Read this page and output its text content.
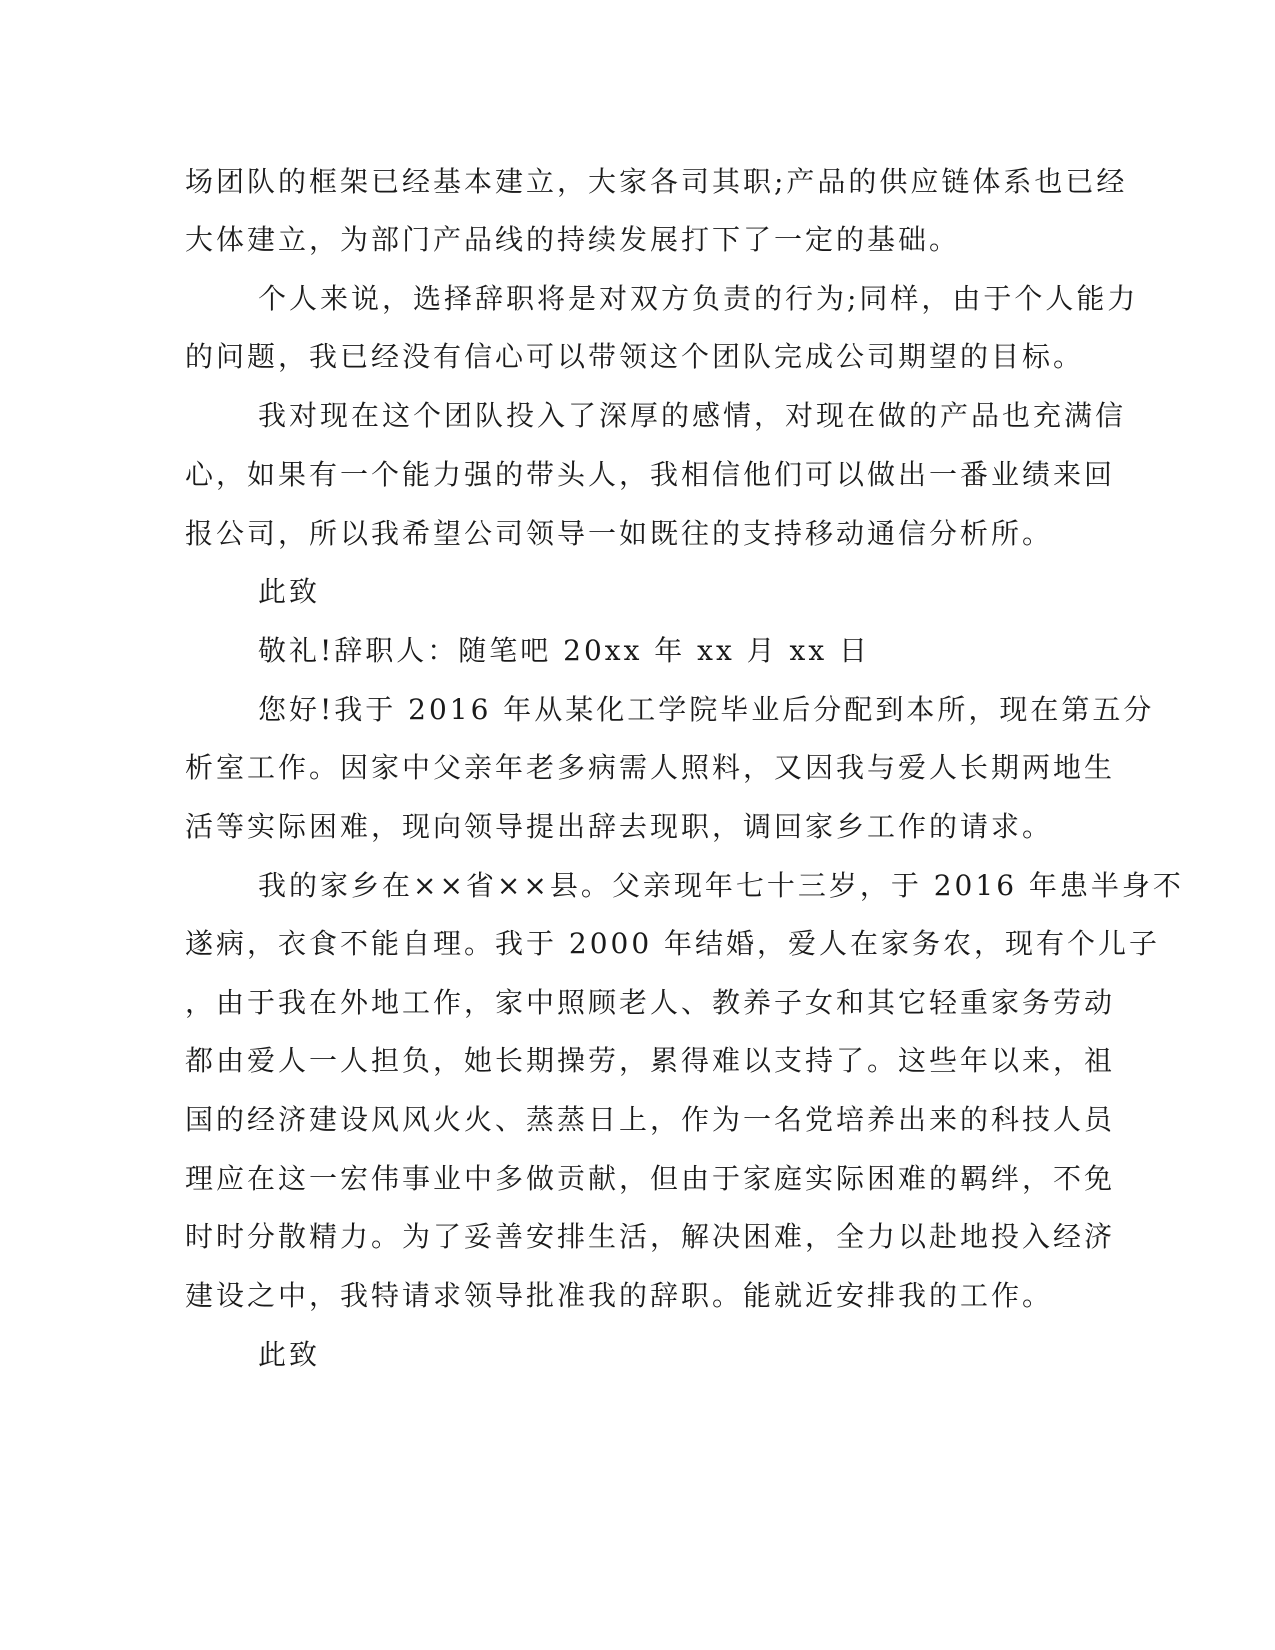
场团队的框架已经基本建立，大家各司其职;产品的供应链体系也已经
大体建立，为部门产品线的持续发展打下了一定的基础。
个人来说，选择辞职将是对双方负责的行为;同样，由于个人能力
的问题，我已经没有信心可以带领这个团队完成公司期望的目标。
我对现在这个团队投入了深厚的感情，对现在做的产品也充满信
心，如果有一个能力强的带头人，我相信他们可以做出一番业绩来回
报公司，所以我希望公司领导一如既往的支持移动通信分析所。
此致
敬礼!辞职人：随笔吧 20xx 年 xx 月 xx 日
您好!我于 2016 年从某化工学院毕业后分配到本所，现在第五分
析室工作。因家中父亲年老多病需人照料，又因我与爱人长期两地生
活等实际困难，现向领导提出辞去现职，调回家乡工作的请求。
我的家乡在××省××县。父亲现年七十三岁，于 2016 年患半身不
遂病，衣食不能自理。我于 2000 年结婚，爱人在家务农，现有个儿子
，由于我在外地工作，家中照顾老人、教养子女和其它轻重家务劳动
都由爱人一人担负，她长期操劳，累得难以支持了。这些年以来，祖
国的经济建设风风火火、蒸蒸日上，作为一名党培养出来的科技人员
理应在这一宏伟事业中多做贡献，但由于家庭实际困难的羁绊，不免
时时分散精力。为了妥善安排生活，解决困难，全力以赴地投入经济
建设之中，我特请求领导批准我的辞职。能就近安排我的工作。
此致
